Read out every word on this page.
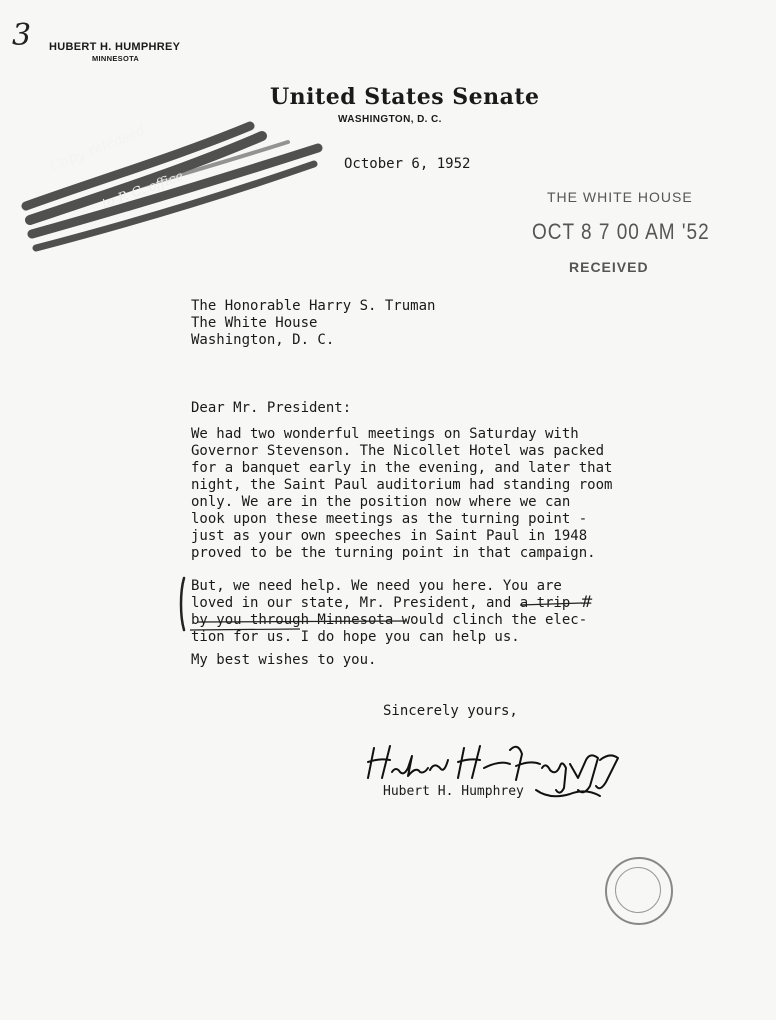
3 HUBERT H. HUMPHREY
MINNESOTA
United States Senate
WASHINGTON, D. C.
Copy released
to P. C. office
October 6, 1952
THE WHITE HOUSE
OCT 8 7 00 AM '52
RECEIVED
The Honorable Harry S. Truman
The White House
Washington, D. C.
Dear Mr. President:
We had two wonderful meetings on Saturday with
Governor Stevenson. The Nicollet Hotel was packed
for a banquet early in the evening, and later that
night, the Saint Paul auditorium had standing room
only. We are in the position now where we can
look upon these meetings as the turning point -
just as your own speeches in Saint Paul in 1948
proved to be the turning point in that campaign.
But, we need help. We need you here. You are
loved in our state, Mr. President, and a trip
by you through Minnesota would clinch the elec-
tion for us. I do hope you can help us.
#
My best wishes to you.
Sincerely yours,
Hubert H. Humphrey
